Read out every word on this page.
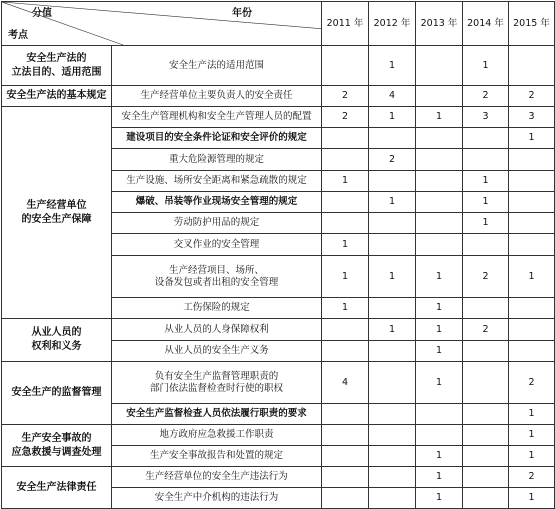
分值 年份
考点		2011 年	2012 年	2013 年	2014 年	2015 年
安全生产法的
立法目的、适用范围	安全生产法的适用范围		1		1	
安全生产法的基本规定	生产经营单位主要负责人的安全责任	2	4		2	2
生产经营单位
的安全生产保障	安全生产管理机构和安全生产管理人员的配置	2	1	1	3	3
	建设项目的安全条件论证和安全评价的规定					1
	重大危险源管理的规定		2			
	生产设施、场所安全距离和紧急疏散的规定	1			1	
	爆破、吊装等作业现场安全管理的规定		1		1	
	劳动防护用品的规定				1	
	交叉作业的安全管理	1				
	生产经营项目、场所、
设备发包或者出租的安全管理	1	1	1	2	1
	工伤保险的规定	1		1		
从业人员的
权利和义务	从业人员的人身保障权利		1	1	2	
	从业人员的安全生产义务			1		
安全生产的监督管理	负有安全生产监督管理职责的
部门依法监督检查时行使的职权	4		1		2
	安全生产监督检查人员依法履行职责的要求					1
生产安全事故的
应急救援与调查处理	地方政府应急救援工作职责					1
	生产安全事故报告和处置的规定			1		1
安全生产法律责任	生产经营单位的安全生产违法行为			1		2
	安全生产中介机构的违法行为			1		1
